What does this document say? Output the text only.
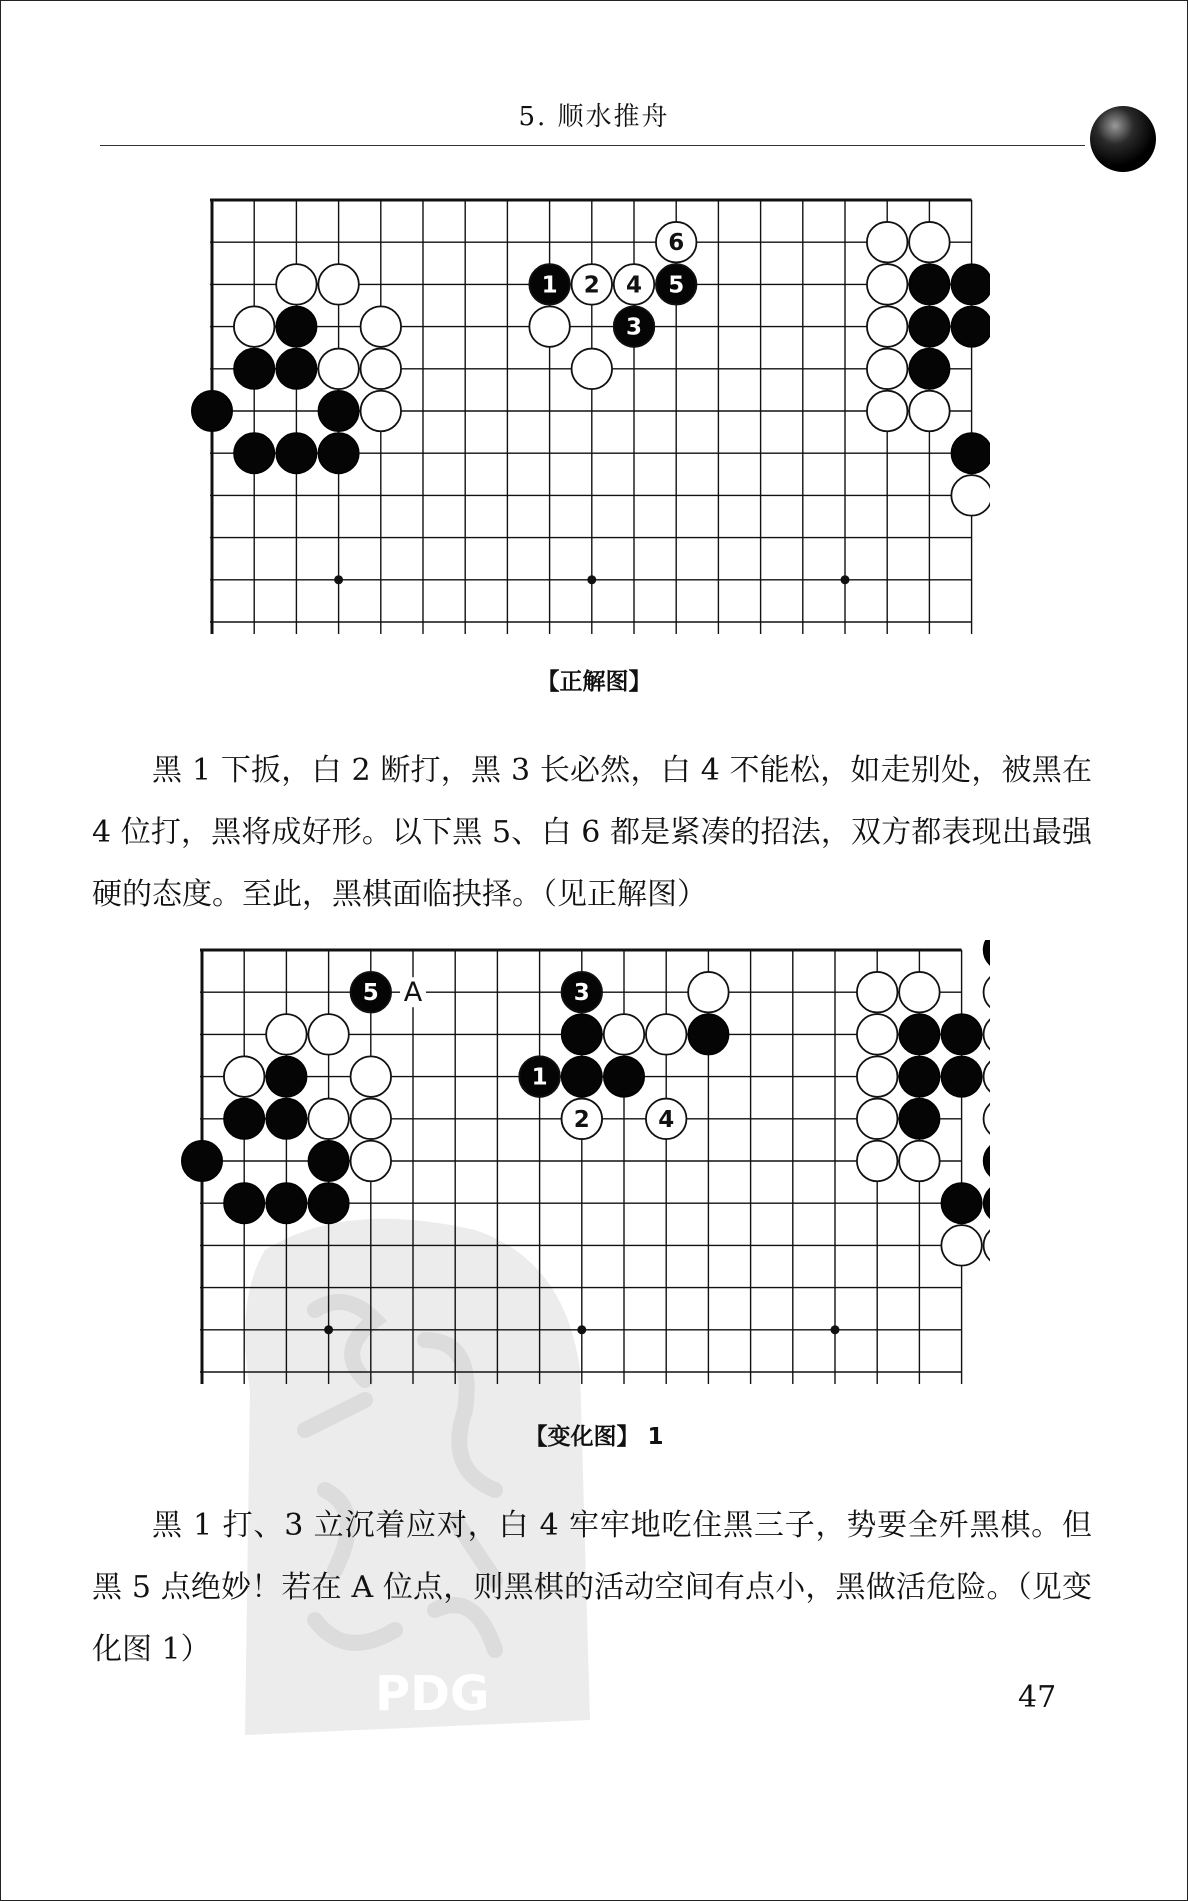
5. 顺水推舟
1 2
3
4 5
6
【正解图】

黑 1 下扳，白 2 断打，黑 3 长必然，白 4 不能松，如走别处，被黑在 4 位打，黑将成好形。以下黑 5、白 6 都是紧凑的招法，双方都表现出最强硬的态度。至此，黑棋面临抉择。（见正解图）

PDG
1
2
3
4
5 A
【变化图】 1

黑 1 打、3 立沉着应对，白 4 牢牢地吃住黑三子，势要全歼黑棋。但黑 5 点绝妙！若在 A 位点，则黑棋的活动空间有点小，黑做活危险。（见变化图 1）

47
